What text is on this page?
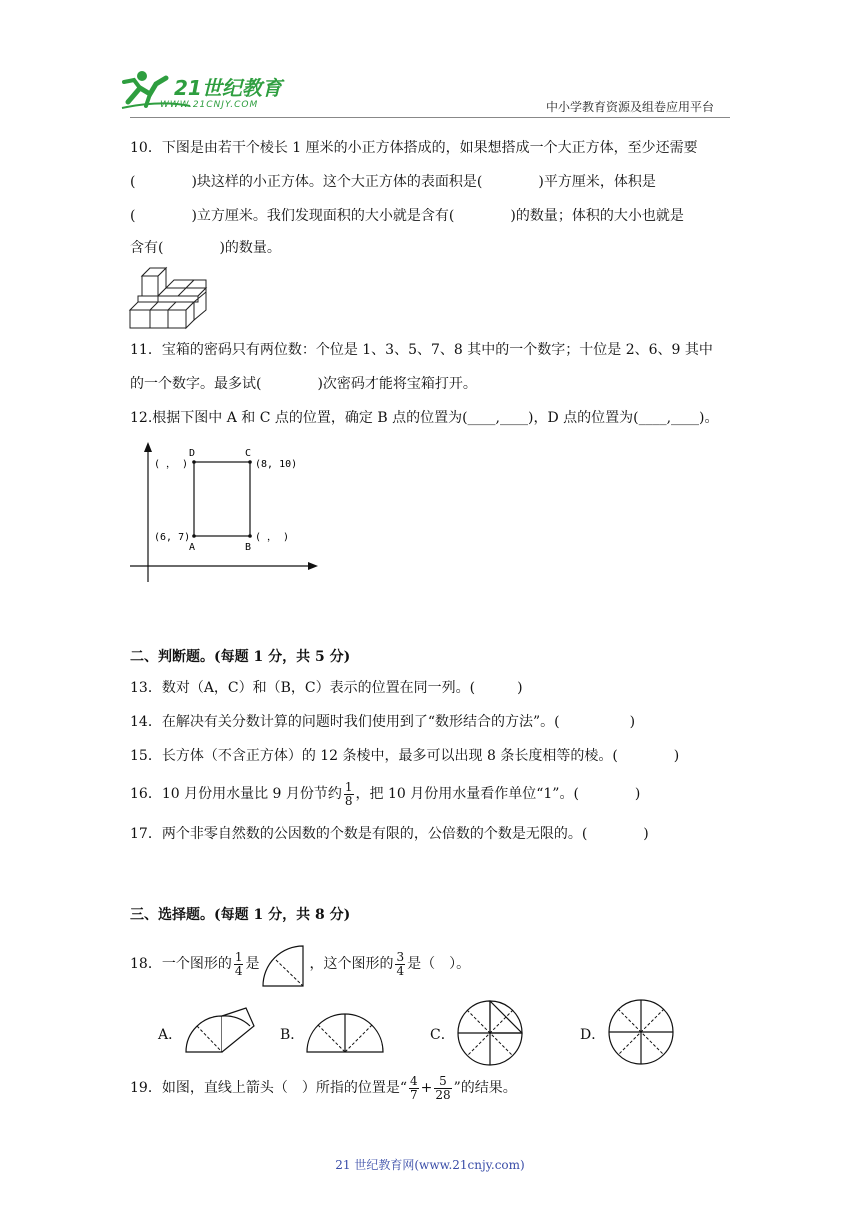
21世纪教育
WWW.21CNJY.COM	中小学教育资源及组卷应用平台
10．下图是由若干个棱长 1 厘米的小正方体搭成的，如果想搭成一个大正方体，至少还需要
(　　　　)块这样的小正方体。这个大正方体的表面积是(　　　　)平方厘米，体积是
(　　　　)立方厘米。我们发现面积的大小就是含有(　　　　)的数量；体积的大小也就是
含有(　　　　)的数量。
11．宝箱的密码只有两位数：个位是 1、3、5、7、8 其中的一个数字；十位是 2、6、9 其中
的一个数字。最多试(　　　　)次密码才能将宝箱打开。
12.根据下图中 A 和 C 点的位置，确定 B 点的位置为(____,____)，D 点的位置为(____,____)。
D	C
A	B
( ， )	(8, 10)
(6, 7)	( ， )
二、判断题。(每题 1 分，共 5 分)
13．数对（A，C）和（B，C）表示的位置在同一列。(　　　)
14．在解决有关分数计算的问题时我们使用到了“数形结合的方法”。(　　　　　)
15．长方体（不含正方体）的 12 条棱中，最多可以出现 8 条长度相等的棱。(　　　　)
16．10 月份用水量比 9 月份节约 $\frac{1}{8}$ ，把 10 月份用水量看作单位“1”。(　　　　)
17．两个非零自然数的公因数的个数是有限的，公倍数的个数是无限的。(　　　　)
三、选择题。(每题 1 分，共 8 分)
18．一个图形的 $\frac{1}{4}$ 是	，这个图形的 $\frac{3}{4}$ 是（　）。
A．	B．	C．	D．
19．如图，直线上箭头（　）所指的位置是“ $\frac{4}{7} + \frac{5}{28}$ ”的结果。
21 世纪教育网(www.21cnjy.com)
